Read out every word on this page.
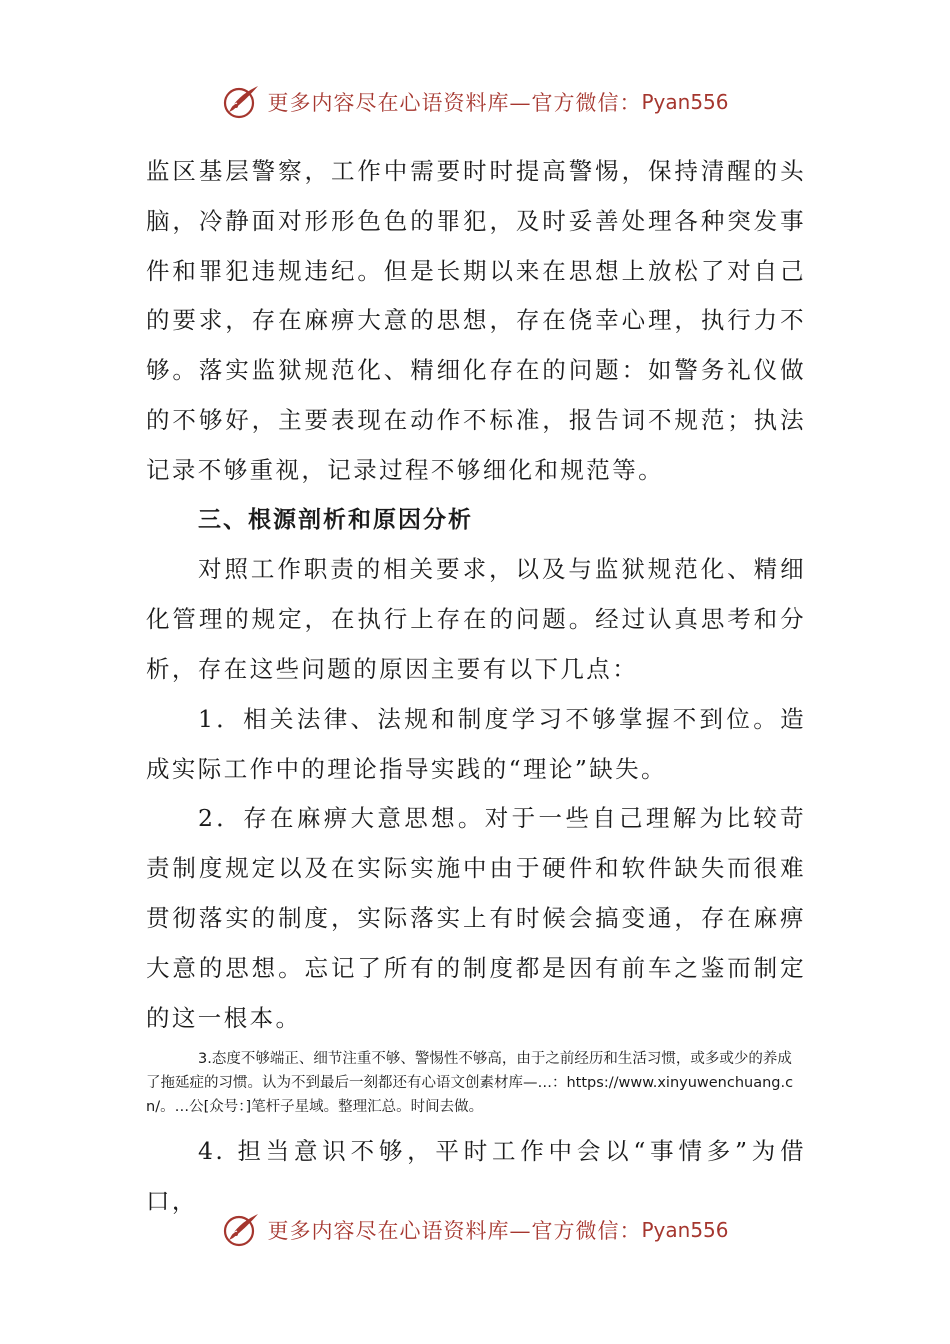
更多内容尽在心语资料库—官方微信： Pyan556

监区基层警察，工作中需要时时提高警惕，保持清醒的头脑，冷静面对形形色色的罪犯，及时妥善处理各种突发事件和罪犯违规违纪。但是长期以来在思想上放松了对自己的要求，存在麻痹大意的思想，存在侥幸心理，执行力不够。落实监狱规范化、精细化存在的问题：如警务礼仪做的不够好，主要表现在动作不标准，报告词不规范；执法记录不够重视，记录过程不够细化和规范等。

三、根源剖析和原因分析

对照工作职责的相关要求，以及与监狱规范化、精细化管理的规定，在执行上存在的问题。经过认真思考和分析，存在这些问题的原因主要有以下几点：

1．相关法律、法规和制度学习不够掌握不到位。造成实际工作中的理论指导实践的“理论”缺失。

2．存在麻痹大意思想。对于一些自己理解为比较苛责制度规定以及在实际实施中由于硬件和软件缺失而很难贯彻落实的制度，实际落实上有时候会搞变通，存在麻痹大意的思想。忘记了所有的制度都是因有前车之鉴而制定的这一根本。

3.态度不够端正、细节注重不够、警惕性不够高，由于之前经历和生活习惯，或多或少的养成了拖延症的习惯。认为不到最后一刻都还有心语文创素材库—…：https://www.xinyuwenchuang.cn/。…公[众号：]笔杆子星域。整理汇总。时间去做。

4. 担当意识不够，平时工作中会以“事情多”为借口，

更多内容尽在心语资料库—官方微信： Pyan556
